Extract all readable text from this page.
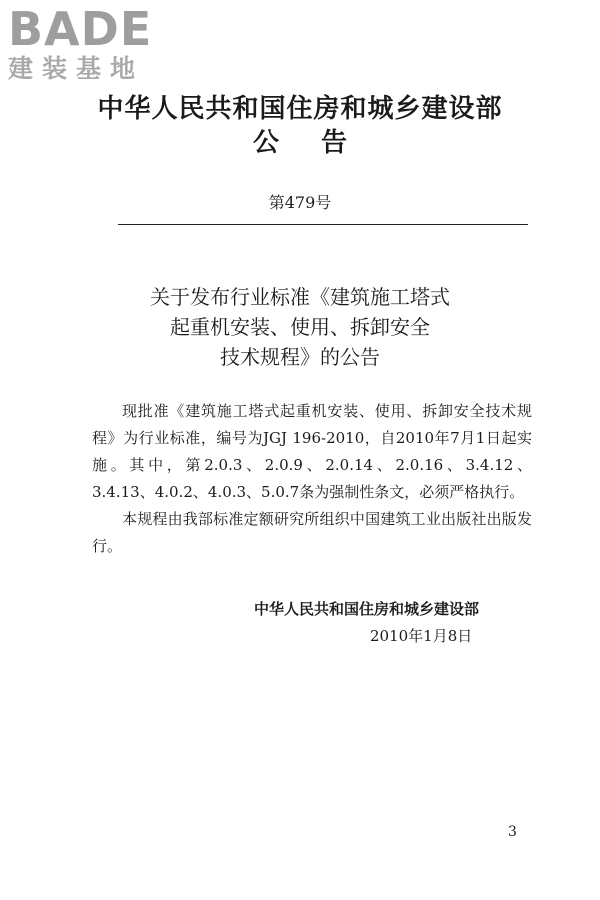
BADE
建装基地
中华人民共和国住房和城乡建设部
公告
第479号
关于发布行业标准《建筑施工塔式
起重机安装、使用、拆卸安全
技术规程》的公告

现批准《建筑施工塔式起重机安装、使用、拆卸安全技术规程》为行业标准，编号为JGJ 196-2010，自2010年7月1日起实施。其中，第2.0.3、2.0.9、2.0.14、2.0.16、3.4.12、3.4.13、4.0.2、4.0.3、5.0.7条为强制性条文，必须严格执行。

本规程由我部标准定额研究所组织中国建筑工业出版社出版发行。

中华人民共和国住房和城乡建设部
2010年1月8日
3
